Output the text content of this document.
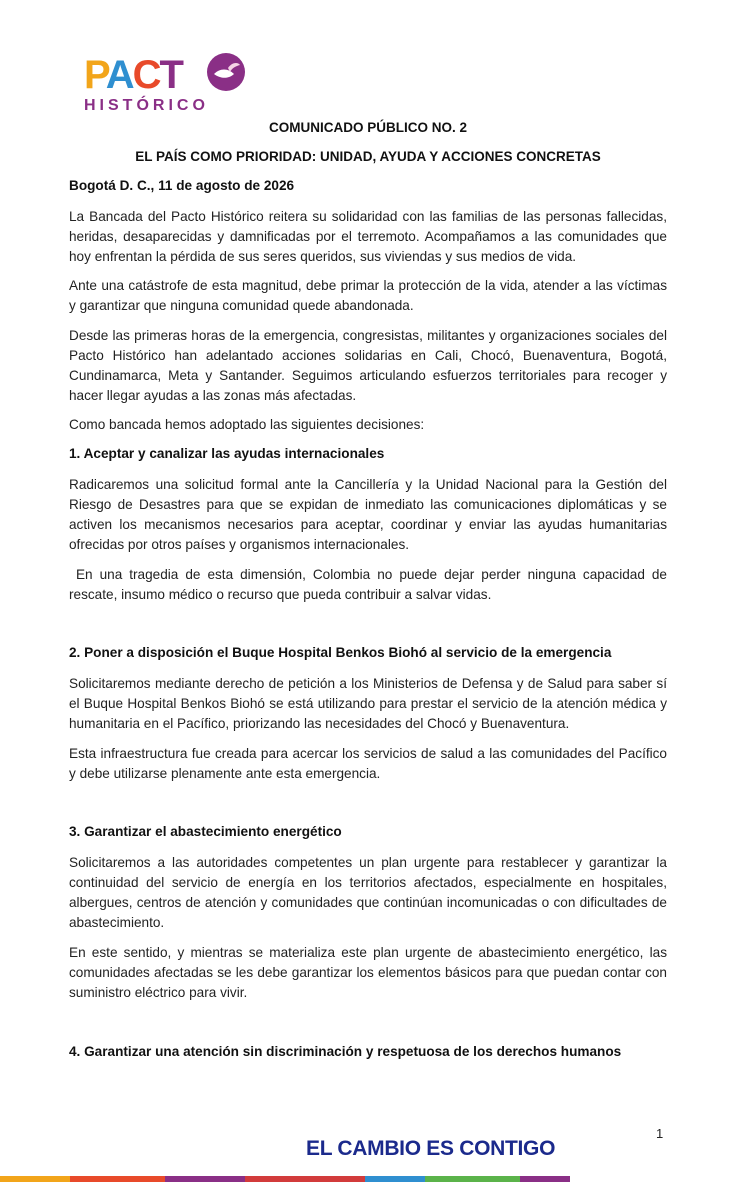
PACT
HISTÓRICO
COMUNICADO PÚBLICO NO. 2
EL PAÍS COMO PRIORIDAD: UNIDAD, AYUDA Y ACCIONES CONCRETAS

Bogotá D. C., 11 de agosto de 2026

La Bancada del Pacto Histórico reitera su solidaridad con las familias de las personas fallecidas, heridas, desaparecidas y damnificadas por el terremoto. Acompañamos a las comunidades que hoy enfrentan la pérdida de sus seres queridos, sus viviendas y sus medios de vida.

Ante una catástrofe de esta magnitud, debe primar la protección de la vida, atender a las víctimas y garantizar que ninguna comunidad quede abandonada.

Desde las primeras horas de la emergencia, congresistas, militantes y organizaciones sociales del Pacto Histórico han adelantado acciones solidarias en Cali, Chocó, Buenaventura, Bogotá, Cundinamarca, Meta y Santander. Seguimos articulando esfuerzos territoriales para recoger y hacer llegar ayudas a las zonas más afectadas.

Como bancada hemos adoptado las siguientes decisiones:

1. Aceptar y canalizar las ayudas internacionales

Radicaremos una solicitud formal ante la Cancillería y la Unidad Nacional para la Gestión del Riesgo de Desastres para que se expidan de inmediato las comunicaciones diplomáticas y se activen los mecanismos necesarios para aceptar, coordinar y enviar las ayudas humanitarias ofrecidas por otros países y organismos internacionales.

En una tragedia de esta dimensión, Colombia no puede dejar perder ninguna capacidad de rescate, insumo médico o recurso que pueda contribuir a salvar vidas.

2. Poner a disposición el Buque Hospital Benkos Biohó al servicio de la emergencia

Solicitaremos mediante derecho de petición a los Ministerios de Defensa y de Salud para saber sí el Buque Hospital Benkos Biohó se está utilizando para prestar el servicio de la atención médica y humanitaria en el Pacífico, priorizando las necesidades del Chocó y Buenaventura.

Esta infraestructura fue creada para acercar los servicios de salud a las comunidades del Pacífico y debe utilizarse plenamente ante esta emergencia.

3. Garantizar el abastecimiento energético

Solicitaremos a las autoridades competentes un plan urgente para restablecer y garantizar la continuidad del servicio de energía en los territorios afectados, especialmente en hospitales, albergues, centros de atención y comunidades que continúan incomunicadas o con dificultades de abastecimiento.

En este sentido, y mientras se materializa este plan urgente de abastecimiento energético, las comunidades afectadas se les debe garantizar los elementos básicos para que puedan contar con suministro eléctrico para vivir.

4. Garantizar una atención sin discriminación y respetuosa de los derechos humanos

1
EL CAMBIO ES CONTIGO
